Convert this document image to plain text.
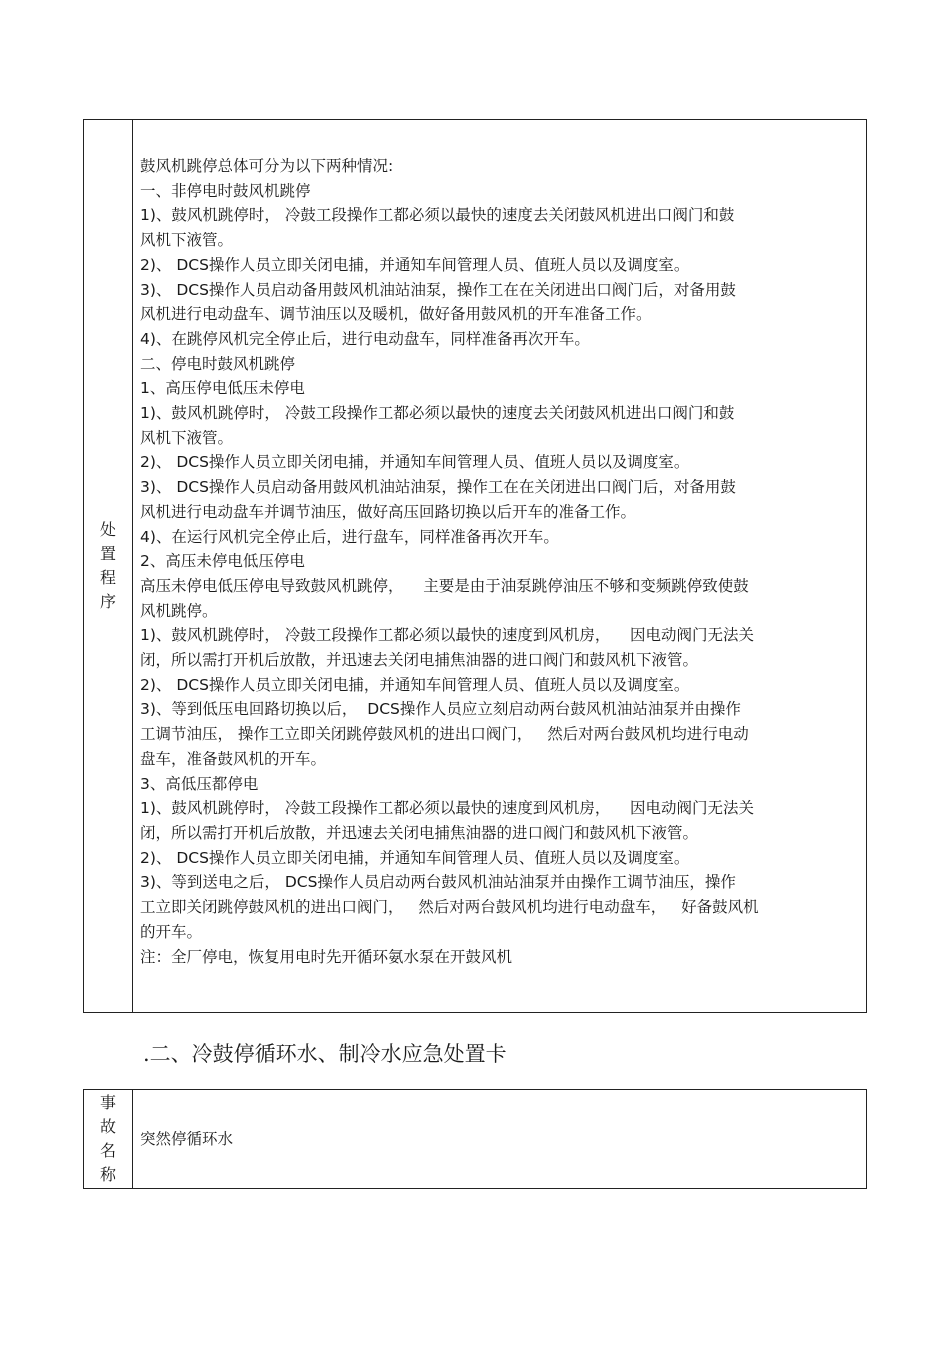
处置程序
鼓风机跳停总体可分为以下两种情况:
一、非停电时鼓风机跳停
1)、鼓风机跳停时， 冷鼓工段操作工都必须以最快的速度去关闭鼓风机进出口阀门和鼓
风机下液管。
2)、 DCS操作人员立即关闭电捕，并通知车间管理人员、值班人员以及调度室。
3)、 DCS操作人员启动备用鼓风机油站油泵，操作工在在关闭进出口阀门后，对备用鼓
风机进行电动盘车、调节油压以及暖机，做好备用鼓风机的开车准备工作。
4)、在跳停风机完全停止后，进行电动盘车，同样准备再次开车。
二、停电时鼓风机跳停
1、高压停电低压未停电
1)、鼓风机跳停时， 冷鼓工段操作工都必须以最快的速度去关闭鼓风机进出口阀门和鼓
风机下液管。
2)、 DCS操作人员立即关闭电捕，并通知车间管理人员、值班人员以及调度室。
3)、 DCS操作人员启动备用鼓风机油站油泵，操作工在在关闭进出口阀门后，对备用鼓
风机进行电动盘车并调节油压，做好高压回路切换以后开车的准备工作。
4)、在运行风机完全停止后，进行盘车，同样准备再次开车。
2、高压未停电低压停电
高压未停电低压停电导致鼓风机跳停，    主要是由于油泵跳停油压不够和变频跳停致使鼓
风机跳停。
1)、鼓风机跳停时， 冷鼓工段操作工都必须以最快的速度到风机房，    因电动阀门无法关
闭，所以需打开机后放散，并迅速去关闭电捕焦油器的进口阀门和鼓风机下液管。
2)、 DCS操作人员立即关闭电捕，并通知车间管理人员、值班人员以及调度室。
3)、等到低压电回路切换以后，  DCS操作人员应立刻启动两台鼓风机油站油泵并由操作
工调节油压， 操作工立即关闭跳停鼓风机的进出口阀门，   然后对两台鼓风机均进行电动
盘车，准备鼓风机的开车。
3、高低压都停电
1)、鼓风机跳停时， 冷鼓工段操作工都必须以最快的速度到风机房，    因电动阀门无法关
闭，所以需打开机后放散，并迅速去关闭电捕焦油器的进口阀门和鼓风机下液管。
2)、 DCS操作人员立即关闭电捕，并通知车间管理人员、值班人员以及调度室。
3)、等到送电之后， DCS操作人员启动两台鼓风机油站油泵并由操作工调节油压，操作
工立即关闭跳停鼓风机的进出口阀门，   然后对两台鼓风机均进行电动盘车，   好备鼓风机
的开车。
注：全厂停电，恢复用电时先开循环氨水泵在开鼓风机
.二、冷鼓停循环水、制冷水应急处置卡
事故名称
突然停循环水
